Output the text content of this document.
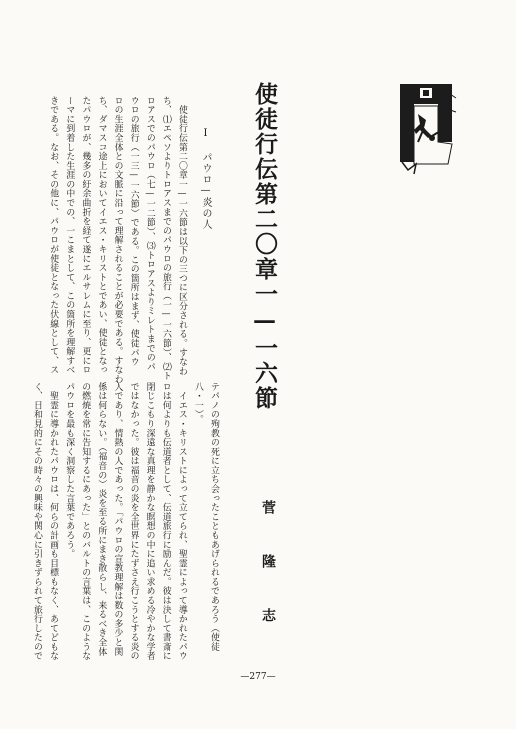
使徒行伝第二〇章一—一六節
Ⅰ パウロ—炎の人
　使徒行伝第二〇章一—一六節は以下の三つに区分される。すなわ
ち、⑴エペソよりトロアスまでのパウロの旅行（一—一六節）、⑵ト
ロアスでのパウロ（七—一二節）、⑶トロアスよりミレトまでのパ
ウロの旅行（一三—一六節）である。この箇所はまず、使徒パウ
ロの生涯全体との文脈に沿って理解されることが必要である。すなわ
ち、ダマスコ途上においてイエス・キリストとであい、使徒となっ
たパウロが、幾多の紆余曲折を経て遂にエルサレムに至り、更にロ
ーマに到着した生涯の中での、一こまとして、この箇所を理解すべ
きである。なお、その他に、パウロが使徒となった伏線として、ス
菅 隆 志
テパノの殉教の死に立ち会ったこともあげられるであろう（使徒
八・一）。
　イエス・キリストによって立てられ、聖霊によって導かれたパウ
ロは何よりも伝道者として、伝道旅行に励んだ。彼は決して書斎に
閉じこもり深遠な真理を静かな瞑想の中に追い求める冷やかな学者
ではなかった。彼は福音の炎を全世界にたずさえ行こうとする炎の
人であり、情熱の人であった。「パウロの宣教理解は数の多少と関
係は何らない。（福音の）炎を至る所にまき散らし、来るべき全体
の燃焼を常に告知するにあった」とのバルトの言葉は、このような
パウロを最も深く洞察した言葉であろう。
　聖霊に導かれたパウロは、何らの計画も目標もなく、あてどもな
く、日和見的にその時々の興味や関心に引きずられて旅行したので
—277—
